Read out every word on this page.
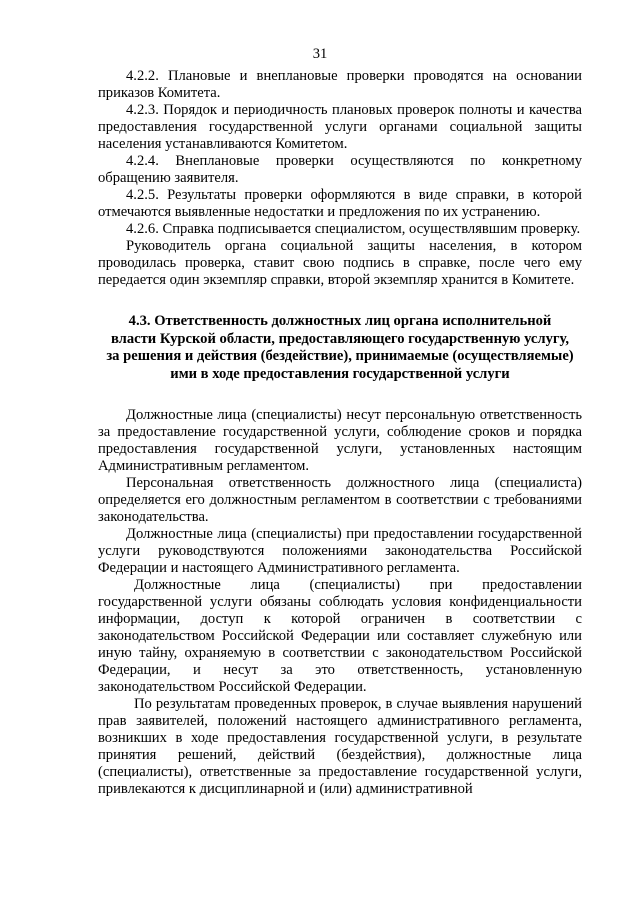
31

4.2.2. Плановые и внеплановые проверки проводятся на основании приказов Комитета.

4.2.3. Порядок и периодичность плановых проверок полноты и качества предоставления государственной услуги органами социальной защиты населения устанавливаются Комитетом.

4.2.4. Внеплановые проверки осуществляются по конкретному обращению заявителя.

4.2.5. Результаты проверки оформляются в виде справки, в которой отмечаются выявленные недостатки и предложения по их устранению.

4.2.6. Справка подписывается специалистом, осуществлявшим проверку.

Руководитель органа социальной защиты населения, в котором проводилась проверка, ставит свою подпись в справке, после чего ему передается один экземпляр справки, второй экземпляр хранится в Комитете.

4.3. Ответственность должностных лиц органа исполнительной
власти Курской области, предоставляющего государственную услугу,
за решения и действия (бездействие), принимаемые (осуществляемые)
ими в ходе предоставления государственной услуги

Должностные лица (специалисты) несут персональную ответственность за предоставление государственной услуги, соблюдение сроков и порядка предоставления государственной услуги, установленных настоящим Административным регламентом.

Персональная ответственность должностного лица (специалиста) определяется его должностным регламентом в соответствии с требованиями законодательства.

Должностные лица (специалисты) при предоставлении государственной услуги руководствуются положениями законодательства Российской Федерации и настоящего Административного регламента.

Должностные лица (специалисты) при предоставлении государственной услуги обязаны соблюдать условия конфиденциальности информации, доступ к которой ограничен в соответствии с законодательством Российской Федерации или составляет служебную или иную тайну, охраняемую в соответствии с законодательством Российской Федерации, и несут за это ответственность, установленную законодательством Российской Федерации.

По результатам проведенных проверок, в случае выявления нарушений прав заявителей, положений настоящего административного регламента, возникших в ходе предоставления государственной услуги, в результате принятия решений, действий (бездействия), должностные лица (специалисты), ответственные за предоставление государственной услуги, привлекаются к дисциплинарной и (или) административной
